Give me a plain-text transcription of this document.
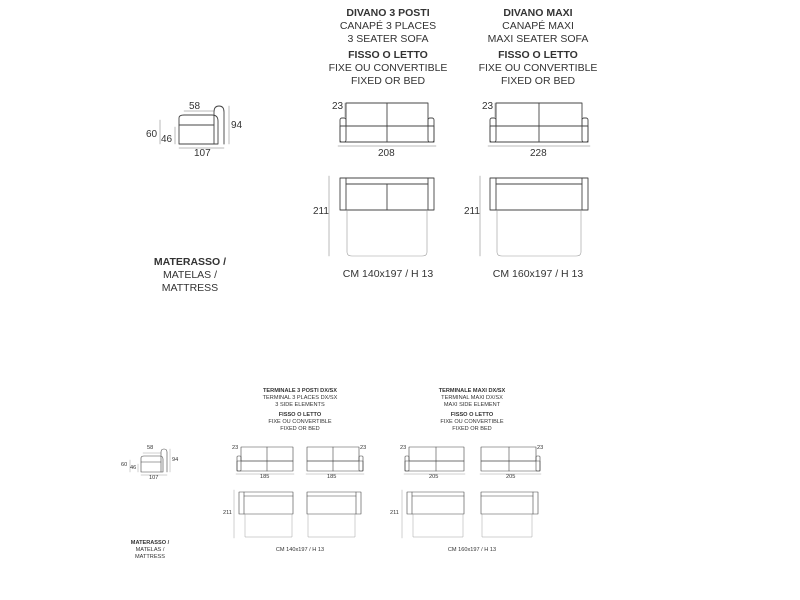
58
94
60 46
107
MATERASSO /
MATELAS /
MATTRESS
DIVANO 3 POSTI
CANAPÉ 3 PLACES
3 SEATER SOFA
FISSO O LETTO
FIXE OU CONVERTIBLE
FIXED OR BED
23
208
211
CM 140x197 / H 13
DIVANO MAXI
CANAPÉ MAXI
MAXI SEATER SOFA
FISSO O LETTO
FIXE OU CONVERTIBLE
FIXED OR BED
23
228
211
CM 160x197 / H 13
58
94
60 46
107
MATERASSO /
MATELAS /
MATTRESS
TERMINALE 3 POSTI DX/SX
TERMINAL 3 PLACES DX/SX
3 SIDE ELEMENTS
FISSO O LETTO
FIXE OU CONVERTIBLE
FIXED OR BED
23	23
185	185
211
CM 140x197 / H 13
TERMINALE MAXI DX/SX
TERMINAL MAXI DX/SX
MAXI SIDE ELEMENT
FISSO O LETTO
FIXE OU CONVERTIBLE
FIXED OR BED
23	23
205	205
211
CM 160x197 / H 13
